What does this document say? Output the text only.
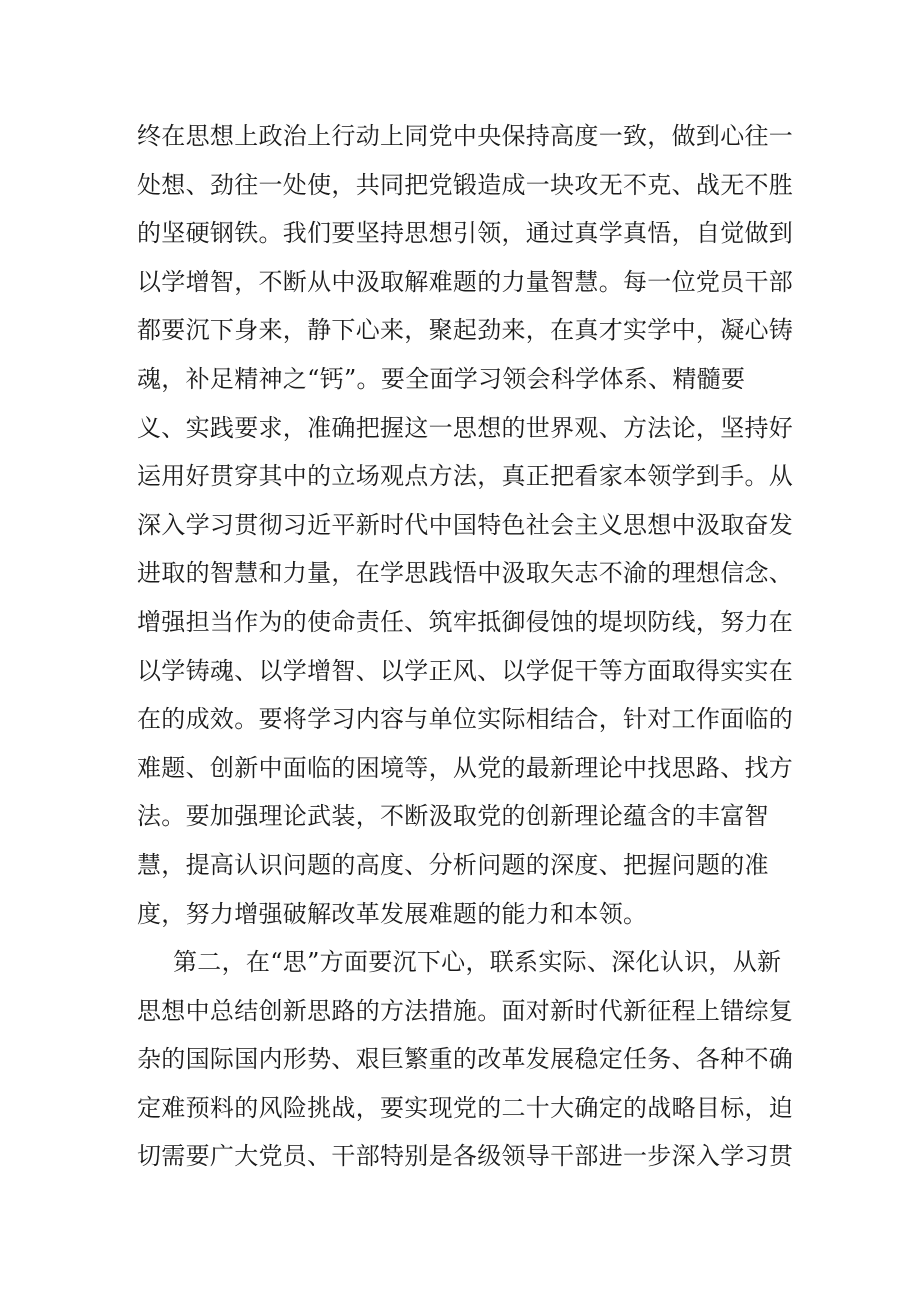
终在思想上政治上行动上同党中央保持高度一致，做到心往一
处想、劲往一处使，共同把党锻造成一块攻无不克、战无不胜
的坚硬钢铁。我们要坚持思想引领，通过真学真悟，自觉做到
以学增智，不断从中汲取解难题的力量智慧。每一位党员干部
都要沉下身来，静下心来，聚起劲来，在真才实学中，凝心铸
魂，补足精神之“钙”。要全面学习领会科学体系、精髓要
义、实践要求，准确把握这一思想的世界观、方法论，坚持好
运用好贯穿其中的立场观点方法，真正把看家本领学到手。从
深入学习贯彻习近平新时代中国特色社会主义思想中汲取奋发
进取的智慧和力量，在学思践悟中汲取矢志不渝的理想信念、
增强担当作为的使命责任、筑牢抵御侵蚀的堤坝防线，努力在
以学铸魂、以学增智、以学正风、以学促干等方面取得实实在
在的成效。要将学习内容与单位实际相结合，针对工作面临的
难题、创新中面临的困境等，从党的最新理论中找思路、找方
法。要加强理论武装，不断汲取党的创新理论蕴含的丰富智
慧，提高认识问题的高度、分析问题的深度、把握问题的准
度，努力增强破解改革发展难题的能力和本领。
第二，在“思”方面要沉下心，联系实际、深化认识，从新
思想中总结创新思路的方法措施。面对新时代新征程上错综复
杂的国际国内形势、艰巨繁重的改革发展稳定任务、各种不确
定难预料的风险挑战，要实现党的二十大确定的战略目标，迫
切需要广大党员、干部特别是各级领导干部进一步深入学习贯
